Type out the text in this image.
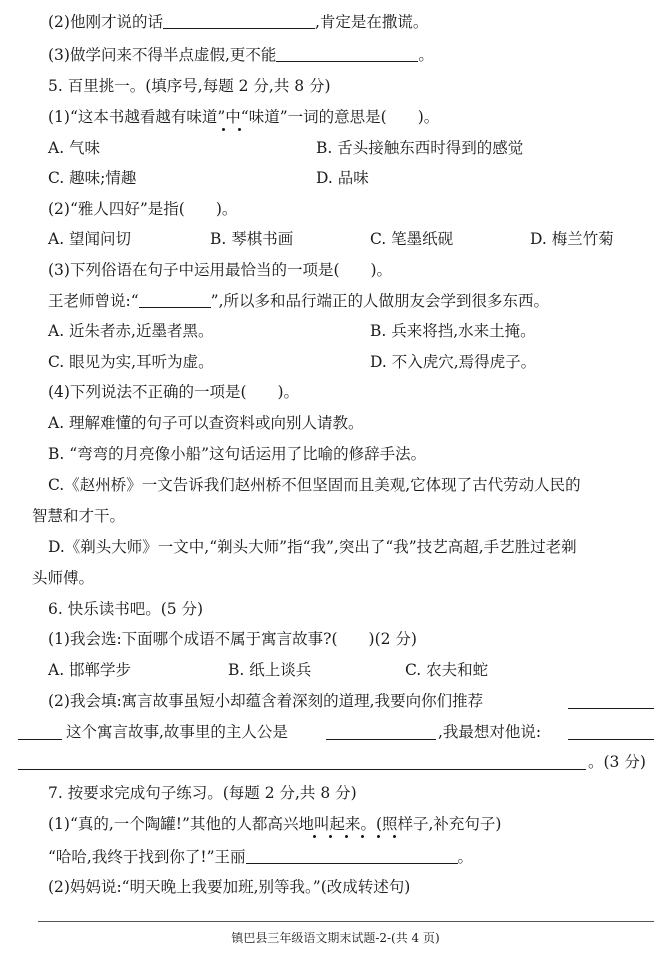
(2)他刚才说的话	,肯定是在撒谎。
(3)做学问来不得半点虚假,更不能	。
5. 百里挑一。(填序号,每题 2 分,共 8 分)
(1)“这本书越看越有味道”中“味道”一词的意思是(　　)。
A. 气味	B. 舌头接触东西时得到的感觉
C. 趣味;情趣	D. 品味
(2)“雅人四好”是指(　　)。
A. 望闻问切	B. 琴棋书画	C. 笔墨纸砚	D. 梅兰竹菊
(3)下列俗语在句子中运用最恰当的一项是(　　)。
王老师曾说:“	”,所以多和品行端正的人做朋友会学到很多东西。
A. 近朱者赤,近墨者黑。	B. 兵来将挡,水来土掩。
C. 眼见为实,耳听为虚。	D. 不入虎穴,焉得虎子。
(4)下列说法不正确的一项是(　　)。
A. 理解难懂的句子可以查资料或向别人请教。
B. “弯弯的月亮像小船”这句话运用了比喻的修辞手法。
C.《赵州桥》一文告诉我们赵州桥不但坚固而且美观,它体现了古代劳动人民的
智慧和才干。
D.《剃头大师》一文中,“剃头大师”指“我”,突出了“我”技艺高超,手艺胜过老剃
头师傅。
6. 快乐读书吧。(5 分)
(1)我会选:下面哪个成语不属于寓言故事?(　　)(2 分)
A. 邯郸学步	B. 纸上谈兵	C. 农夫和蛇
(2)我会填:寓言故事虽短小却蕴含着深刻的道理,我要向你们推荐
这个寓言故事,故事里的主人公是	,我最想对他说:
。(3 分)
7. 按要求完成句子练习。(每题 2 分,共 8 分)
(1)“真的,一个陶罐!”其他的人都高兴地叫起来。(照样子,补充句子)
“哈哈,我终于找到你了!”王丽	。
(2)妈妈说:“明天晚上我要加班,别等我。”(改成转述句)
镇巴县三年级语文期末试题-2-(共 4 页)
